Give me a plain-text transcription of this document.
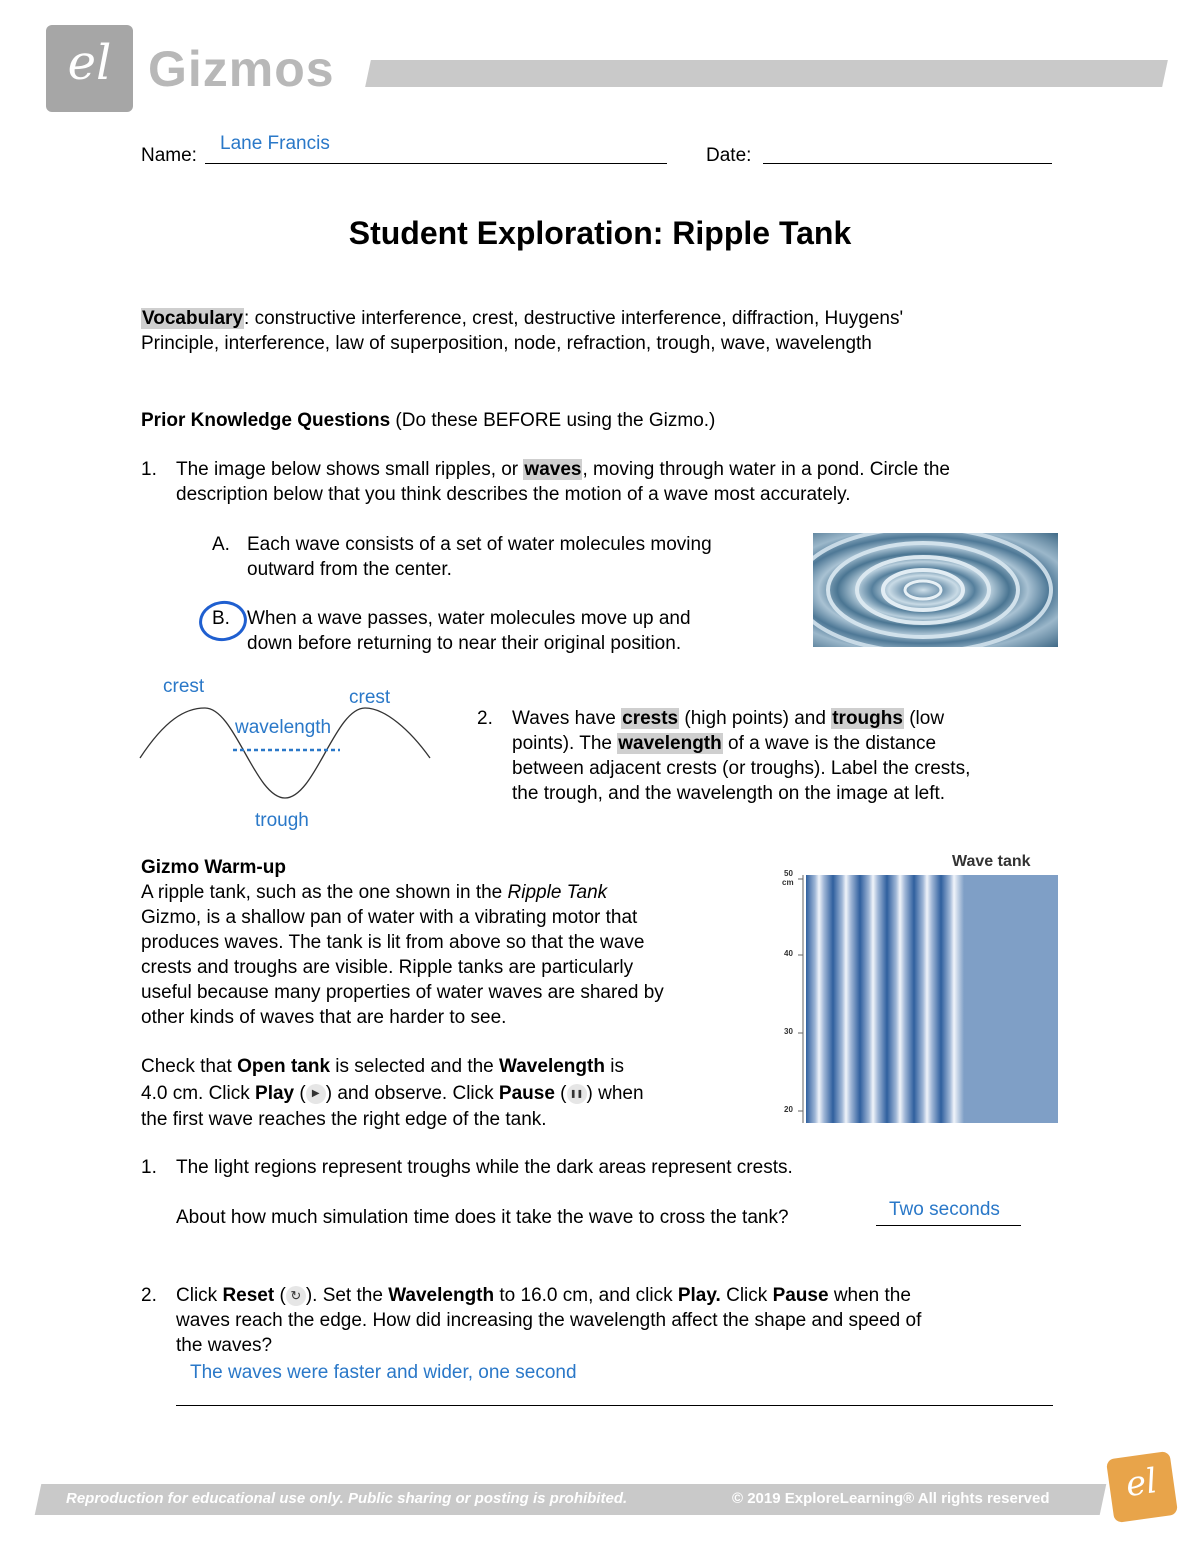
el Gizmos
Name:
Lane Francis
Date:
Student Exploration: Ripple Tank
Vocabulary: constructive interference, crest, destructive interference, diffraction, Huygens'
Principle, interference, law of superposition, node, refraction, trough, wave, wavelength
Prior Knowledge Questions (Do these BEFORE using the Gizmo.)
1. The image below shows small ripples, or waves, moving through water in a pond. Circle the
description below that you think describes the motion of a wave most accurately.
A. Each wave consists of a set of water molecules moving
outward from the center.
B. When a wave passes, water molecules move up and
down before returning to near their original position.
crest
crest
wavelength
trough
2. Waves have crests (high points) and troughs (low
points). The wavelength of a wave is the distance
between adjacent crests (or troughs). Label the crests,
the trough, and the wavelength on the image at left.
Gizmo Warm-up
A ripple tank, such as the one shown in the Ripple Tank
Gizmo, is a shallow pan of water with a vibrating motor that
produces waves. The tank is lit from above so that the wave
crests and troughs are visible. Ripple tanks are particularly
useful because many properties of water waves are shared by
other kinds of waves that are harder to see.
Check that Open tank is selected and the Wavelength is
4.0 cm. Click Play ( ▶ ) and observe. Click Pause ( ❚❚ ) when
the first wave reaches the right edge of the tank.
Wave tank
50
cm
40
30
20
1. The light regions represent troughs while the dark areas represent crests.
About how much simulation time does it take the wave to cross the tank?	Two seconds
2. Click Reset ( ↻ ). Set the Wavelength to 16.0 cm, and click Play. Click Pause when the
waves reach the edge. How did increasing the wavelength affect the shape and speed of
the waves?
The waves were faster and wider, one second
Reproduction for educational use only. Public sharing or posting is prohibited.	© 2019 ExploreLearning® All rights reserved	el
